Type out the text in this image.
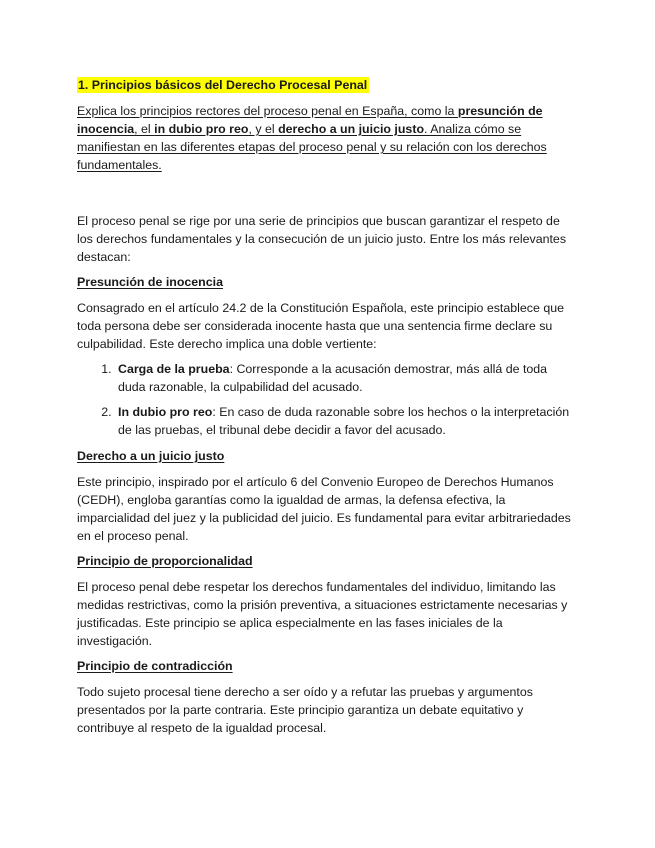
1. Principios básicos del Derecho Procesal Penal

Explica los principios rectores del proceso penal en España, como la presunción de inocencia, el in dubio pro reo, y el derecho a un juicio justo. Analiza cómo se manifiestan en las diferentes etapas del proceso penal y su relación con los derechos fundamentales.

El proceso penal se rige por una serie de principios que buscan garantizar el respeto de los derechos fundamentales y la consecución de un juicio justo. Entre los más relevantes destacan:

Presunción de inocencia

Consagrado en el artículo 24.2 de la Constitución Española, este principio establece que toda persona debe ser considerada inocente hasta que una sentencia firme declare su culpabilidad. Este derecho implica una doble vertiente:

1. Carga de la prueba: Corresponde a la acusación demostrar, más allá de toda duda razonable, la culpabilidad del acusado.
2. In dubio pro reo: En caso de duda razonable sobre los hechos o la interpretación de las pruebas, el tribunal debe decidir a favor del acusado.
Derecho a un juicio justo

Este principio, inspirado por el artículo 6 del Convenio Europeo de Derechos Humanos (CEDH), engloba garantías como la igualdad de armas, la defensa efectiva, la imparcialidad del juez y la publicidad del juicio. Es fundamental para evitar arbitrariedades en el proceso penal.

Principio de proporcionalidad

El proceso penal debe respetar los derechos fundamentales del individuo, limitando las medidas restrictivas, como la prisión preventiva, a situaciones estrictamente necesarias y justificadas. Este principio se aplica especialmente en las fases iniciales de la investigación.

Principio de contradicción

Todo sujeto procesal tiene derecho a ser oído y a refutar las pruebas y argumentos presentados por la parte contraria. Este principio garantiza un debate equitativo y contribuye al respeto de la igualdad procesal.
